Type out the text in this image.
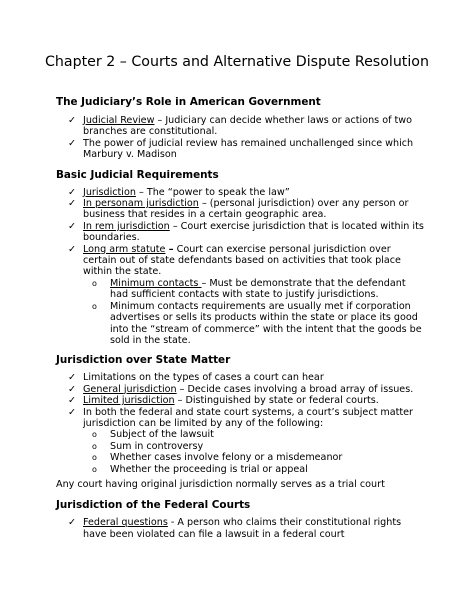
Chapter 2 – Courts and Alternative Dispute Resolution
The Judiciary’s Role in American Government
✓ Judicial Review – Judiciary can decide whether laws or actions of two branches are constitutional.
✓ The power of judicial review has remained unchallenged since which Marbury v. Madison
Basic Judicial Requirements
✓ Jurisdiction – The “power to speak the law”
✓ In personam jurisdiction – (personal jurisdiction) over any person or business that resides in a certain geographic area.
✓ In rem jurisdiction – Court exercise jurisdiction that is located within its boundaries.
✓ Long arm statute – Court can exercise personal jurisdiction over certain out of state defendants based on activities that took place within the state.
o Minimum contacts – Must be demonstrate that the defendant had sufficient contacts with state to justify jurisdictions.
o Minimum contacts requirements are usually met if corporation advertises or sells its products within the state or place its good into the “stream of commerce” with the intent that the goods be sold in the state.
Jurisdiction over State Matter
✓ Limitations on the types of cases a court can hear
✓ General jurisdiction – Decide cases involving a broad array of issues.
✓ Limited jurisdiction – Distinguished by state or federal courts.
✓ In both the federal and state court systems, a court’s subject matter jurisdiction can be limited by any of the following:
o Subject of the lawsuit
o Sum in controversy
o Whether cases involve felony or a misdemeanor
o Whether the proceeding is trial or appeal

Any court having original jurisdiction normally serves as a trial court

Jurisdiction of the Federal Courts
✓ Federal questions - A person who claims their constitutional rights have been violated can file a lawsuit in a federal court
